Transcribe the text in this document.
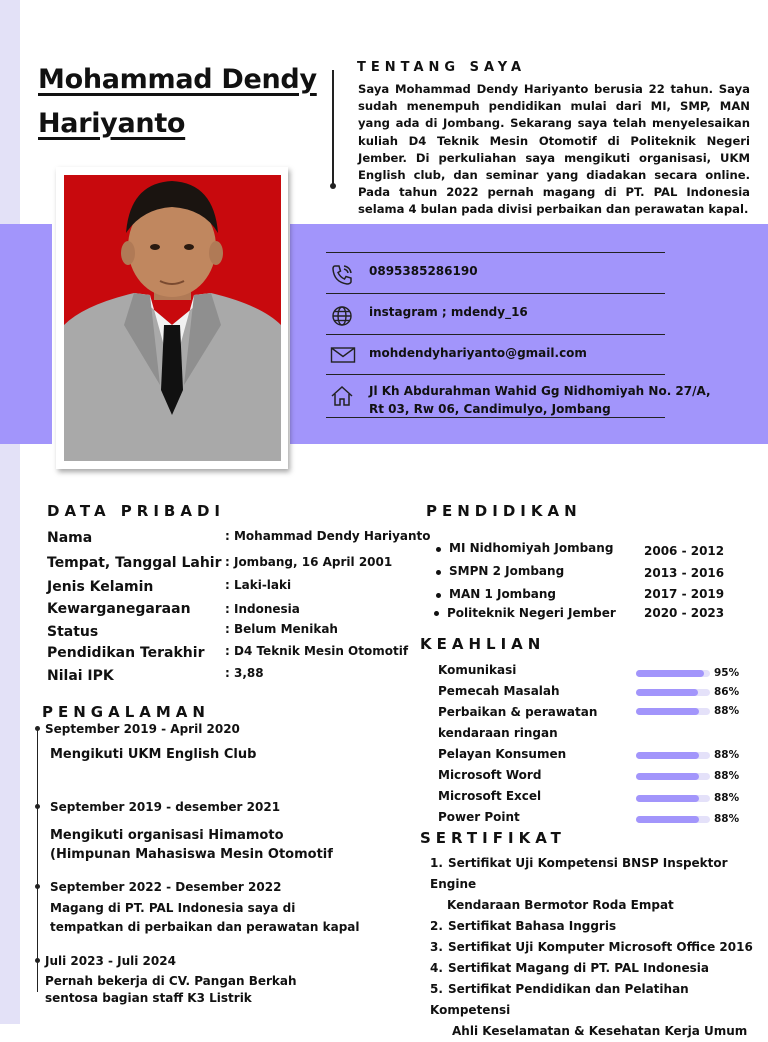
Mohammad Dendy
Hariyanto
TENTANG SAYA
Saya Mohammad Dendy Hariyanto berusia 22 tahun. Saya sudah menempuh pendidikan mulai dari MI, SMP, MAN yang ada di Jombang. Sekarang saya telah menyelesaikan kuliah D4 Teknik Mesin Otomotif di Politeknik Negeri Jember. Di perkuliahan saya mengikuti organisasi, UKM English club, dan seminar yang diadakan secara online. Pada tahun 2022 pernah magang di PT. PAL Indonesia selama 4 bulan pada divisi perbaikan dan perawatan kapal.
0895385286190
instagram ; mdendy_16
mohdendyhariyanto@gmail.com
Jl Kh Abdurahman Wahid Gg Nidhomiyah No. 27/A,
Rt 03, Rw 06, Candimulyo, Jombang
DATA PRIBADI
Nama	: Mohammad Dendy Hariyanto
Tempat, Tanggal Lahir : Jombang, 16 April 2001
Jenis Kelamin	: Laki-laki
Kewarganegaraan	: Indonesia
Status	: Belum Menikah
Pendidikan Terakhir : D4 Teknik Mesin Otomotif
Nilai IPK	: 3,88
PENDIDIKAN
MI Nidhomiyah Jombang	2006 - 2012
SMPN 2 Jombang	2013 - 2016
MAN 1 Jombang	2017 - 2019
Politeknik Negeri Jember 2020 - 2023
KEAHLIAN
Komunikasi	95%
Pemecah Masalah	86%
Perbaikan & perawatan
kendaraan ringan
88%
Pelayan Konsumen	88%
Microsoft Word	88%
Microsoft Excel	88%
Power Point	88%
PENGALAMAN
September 2019 - April 2020
Mengikuti UKM English Club
September 2019 - desember 2021
Mengikuti organisasi Himamoto (Himpunan Mahasiswa Mesin Otomotif
September 2022 - Desember 2022
Magang di PT. PAL Indonesia saya di tempatkan di perbaikan dan perawatan kapal
Juli 2023 - Juli 2024
Pernah bekerja di CV. Pangan Berkah sentosa bagian staff K3 Listrik
SERTIFIKAT
1. Sertifikat Uji Kompetensi BNSP Inspektor Engine
Kendaraan Bermotor Roda Empat
2. Sertifikat Bahasa Inggris
3. Sertifikat Uji Komputer Microsoft Office 2016
4. Sertifikat Magang di PT. PAL Indonesia
5. Sertifikat Pendidikan dan Pelatihan Kompetensi
Ahli Keselamatan & Kesehatan Kerja Umum
